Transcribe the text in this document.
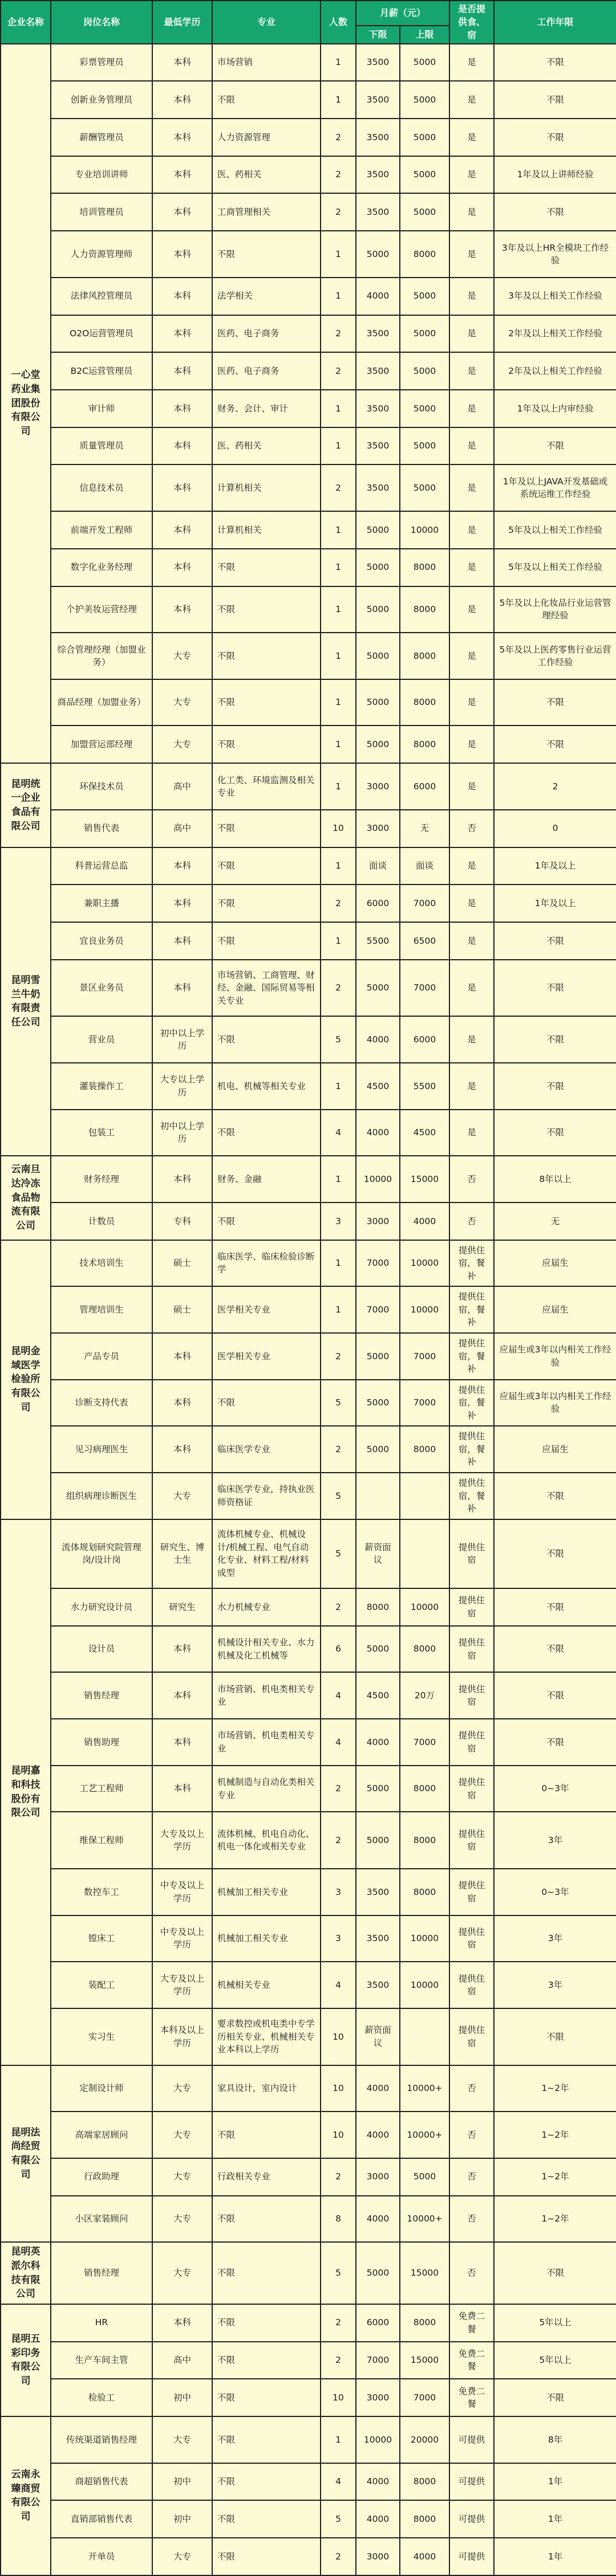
企业名称	岗位名称	最低学历	专业	人数	月薪（元）		是否提供食、宿	工作年限
					下限	上限		
一心堂药业集团股份有限公司	彩票管理员	本科	市场营销	1	3500	5000	是	不限
	创新业务管理员	本科	不限	1	3500	5000	是	不限
	薪酬管理员	本科	人力资源管理	2	3500	5000	是	不限
	专业培训讲师	本科	医、药相关	2	3500	5000	是	1年及以上讲师经验
	培训管理员	本科	工商管理相关	2	3500	5000	是	不限
	人力资源管理师	本科	不限	1	5000	8000	是	3年及以上HR全模块工作经验
	法律风控管理员	本科	法学相关	1	4000	5000	是	3年及以上相关工作经验
	O2O运营管理员	本科	医药、电子商务	2	3500	5000	是	2年及以上相关工作经验
	B2C运营管理员	本科	医药、电子商务	2	3500	5000	是	2年及以上相关工作经验
	审计师	本科	财务、会计、审计	1	3500	5000	是	1年及以上内审经验
	质量管理员	本科	医、药相关	1	3500	5000	是	不限
	信息技术员	本科	计算机相关	2	3500	5000	是	1年及以上JAVA开发基础或系统运维工作经验
	前端开发工程师	本科	计算机相关	1	5000	10000	是	5年及以上相关工作经验
	数字化业务经理	本科	不限	1	5000	8000	是	5年及以上相关工作经验
	个护美妆运营经理	本科	不限	1	5000	8000	是	5年及以上化妆品行业运营管理经验
	综合管理经理（加盟业务）	大专	不限	1	5000	8000	是	5年及以上医药零售行业运营工作经验
	商品经理（加盟业务）	大专	不限	1	5000	8000	是	不限
	加盟营运部经理	大专	不限	1	5000	8000	是	不限
昆明统一企业食品有限公司	环保技术员	高中	化工类、环境监测及相关专业	1	3000	6000	是	2
	销售代表	高中	不限	10	3000	无	否	0
昆明雪兰牛奶有限责任公司	科普运营总监	本科	不限	1	面谈	面谈	是	1年及以上
	兼职主播	本科	不限	2	6000	7000	是	1年及以上
	宜良业务员	本科	不限	1	5500	6500	是	不限
	景区业务员	本科	市场营销、工商管理、财经、金融、国际贸易等相关专业	2	5000	7000	是	不限
	营业员	初中以上学历	不限	5	4000	6000	是	不限
	灌装操作工	大专以上学历	机电、机械等相关专业	1	4500	5500	是	不限
	包装工	初中以上学历	不限	4	4000	4500	是	不限
云南旦达冷冻食品物流有限公司	财务经理	本科	财务、金融	1	10000	15000	否	8年以上
	计数员	专科	不限	3	3000	4000	否	无
昆明金域医学检验所有限公司	技术培训生	硕士	临床医学、临床检验诊断学	1	7000	10000	提供住宿，餐补	应届生
	管理培训生	硕士	医学相关专业	1	7000	10000	提供住宿，餐补	应届生
	产品专员	本科	医学相关专业	2	5000	7000	提供住宿，餐补	应届生或3年以内相关工作经验
	诊断支持代表	本科	不限	5	5000	7000	提供住宿，餐补	应届生或3年以内相关工作经验
	见习病理医生	本科	临床医学专业	2	5000	8000	提供住宿，餐补	应届生
	组织病理诊断医生	大专	临床医学专业，持执业医师资格证	5			提供住宿，餐补	不限
昆明嘉和科技股份有限公司	流体规划研究院管理岗/设计岗	研究生、博士生	流体机械专业、机械设计/机械工程、电气自动化专业、材料工程/材料成型	5	薪资面议		提供住宿	不限
	水力研究设计员	研究生	水力机械专业	2	8000	10000	提供住宿	不限
	设计员	本科	机械设计相关专业、水力机械及化工机械等	6	5000	8000	提供住宿	不限
	销售经理	本科	市场营销、机电类相关专业	4	4500	20万	提供住宿	不限
	销售助理	本科	市场营销、机电类相关专业	4	4000	7000	提供住宿	不限
	工艺工程师	本科	机械制造与自动化类相关专业	2	5000	8000	提供住宿	0~3年
	维保工程师	大专及以上学历	流体机械、机电自动化、机电一体化或相关专业	2	5000	8000	提供住宿	3年
	数控车工	中专及以上学历	机械加工相关专业	3	3500	8000	提供住宿	0~3年
	镗床工	中专及以上学历	机械加工相关专业	3	3500	10000	提供住宿	3年
	装配工	大专及以上学历	机械相关专业	4	3500	10000	提供住宿	3年
	实习生	本科及以上学历	要求数控或机电类中专学历相关专业、机械相关专业本科以上学历	10	薪资面议		提供住宿	不限
昆明法尚经贸有限公司	定制设计师	大专	家具设计，室内设计	10	4000	10000+	否	1~2年
	高端家居顾问	大专	不限	10	4000	10000+	否	1~2年
	行政助理	大专	行政相关专业	2	3000	5000	否	1~2年
	小区家装顾问	大专	不限	8	4000	10000+	否	1~2年
昆明英派尔科技有限公司	销售经理	大专	不限	5	5000	15000	否	不限
昆明五彩印务有限公司	HR	本科	不限	2	6000	8000	免费二餐	5年以上
	生产车间主管	高中	不限	2	7000	15000	免费二餐	5年以上
	检验工	初中	不限	10	3000	7000	免费二餐	不限
云南永臻商贸有限公司	传统渠道销售经理	大专	不限	1	10000	20000	可提供	8年
	商超销售代表	初中	不限	4	4000	8000	可提供	1年
	直销部销售代表	初中	不限	5	4000	8000	可提供	1年
	开单员	大专	不限	2	3000	4000	可提供	1年
